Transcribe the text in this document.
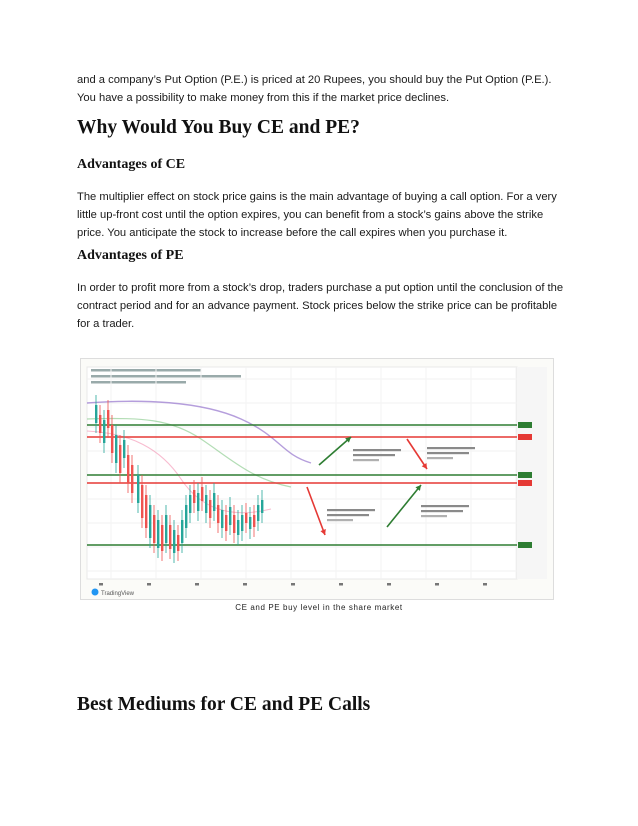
and a company’s Put Option (P.E.) is priced at 20 Rupees, you should buy the Put Option (P.E.).
You have a possibility to make money from this if the market price declines.
Why Would You Buy CE and PE?
Advantages of CE
The multiplier effect on stock price gains is the main advantage of buying a call option. For a very little up-front cost until the option expires, you can benefit from a stock’s gains above the strike price. You anticipate the stock to increase before the call expires when you purchase it.
Advantages of PE
In order to profit more from a stock’s drop, traders purchase a put option until the conclusion of the contract period and for an advance payment. Stock prices below the strike price can be profitable for a trader.
TradingView
CE and PE buy level in the share market
Best Mediums for CE and PE Calls
